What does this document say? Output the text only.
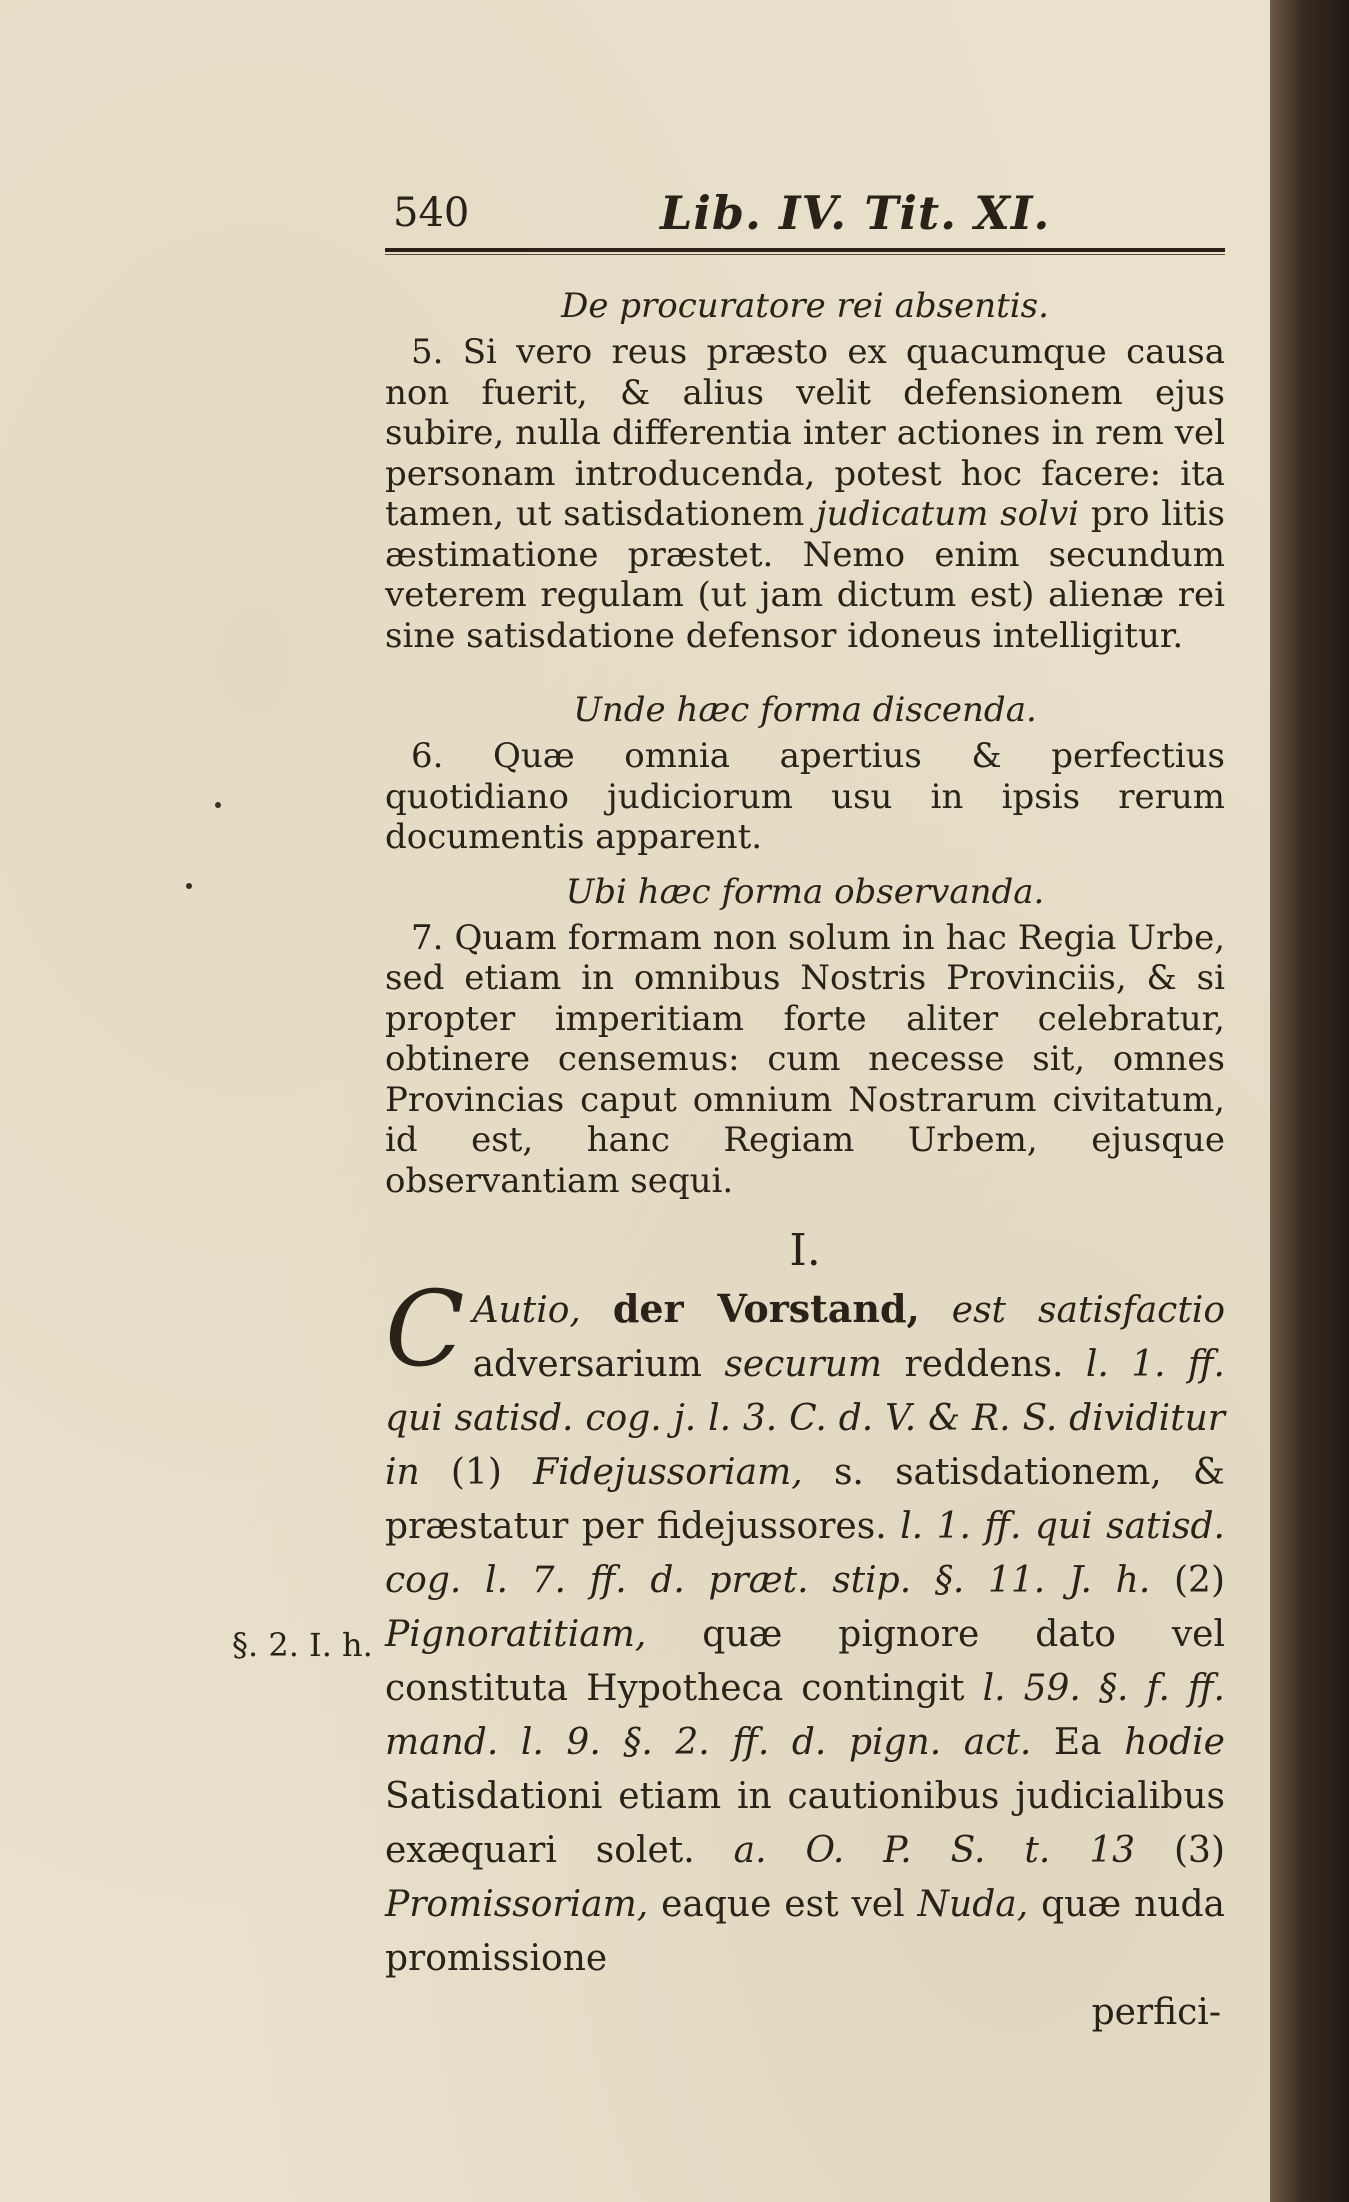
540	Lib. IV. Tit. XI.
De procuratore rei absentis.

5. Si vero reus præsto ex quacumque causa non fuerit, & alius velit defensionem ejus subire, nulla differentia inter actiones in rem vel personam introducenda, potest hoc facere: ita tamen, ut satisdationem judicatum solvi pro litis æstimatione præstet. Nemo enim secundum veterem regulam (ut jam dictum est) alienæ rei sine satisdatione defensor idoneus intelligitur.

Unde hæc forma discenda.

6. Quæ omnia apertius & perfectius quotidiano judiciorum usu in ipsis rerum documentis apparent.

Ubi hæc forma observanda.

7. Quam formam non solum in hac Regia Urbe, sed etiam in omnibus Nostris Provinciis, & si propter imperitiam forte aliter celebratur, obtinere censemus: cum necesse sit, omnes Provincias caput omnium Nostrarum civitatum, id est, hanc Regiam Urbem, ejusque observantiam sequi.

I.

C Autio, der Vorstand, est satisfactio adversarium securum reddens. l. 1. ff. qui satisd. cog. j. l. 3. C. d. V. & R. S. dividitur in (1) Fidejussoriam, s. satisdationem, & præstatur per fidejussores. l. 1. ff. qui satisd. cog. l. 7. ff. d. præt. stip. §. 11. J. h. (2) Pignoratitiam, quæ pignore dato vel constituta Hypotheca contingit l. 59. §. f. ff. mand. l. 9. §. 2. ff. d. pign. act. Ea hodie Satisdationi etiam in cautionibus judicialibus exæquari solet. a. O. P. S. t. 13 (3) Promissoriam, eaque est vel Nuda, quæ nuda promissione

perfici-
§. 2. I. h.
